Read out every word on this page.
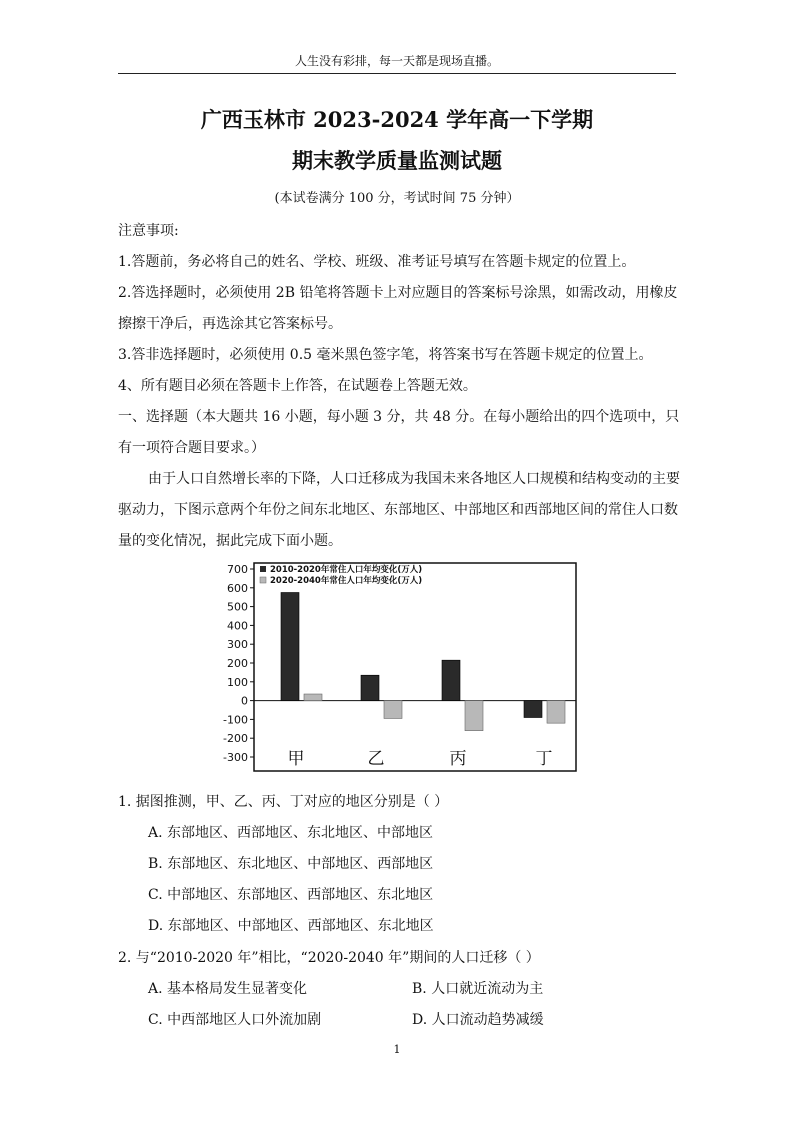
人生没有彩排，每一天都是现场直播。
广西玉林市 2023-2024 学年高一下学期
期末教学质量监测试题
(本试卷满分 100 分，考试时间 75 分钟）
注意事项:
1.答题前，务必将自己的姓名、学校、班级、准考证号填写在答题卡规定的位置上。
2.答选择题时，必须使用 2B 铅笔将答题卡上对应题目的答案标号涂黑，如需改动，用橡皮
擦擦干净后，再选涂其它答案标号。
3.答非选择题时，必须使用 0.5 毫米黑色签字笔，将答案书写在答题卡规定的位置上。
4、所有题目必须在答题卡上作答，在试题卷上答题无效。
一、选择题（本大题共 16 小题，每小题 3 分，共 48 分。在每小题给出的四个选项中，只
有一项符合题目要求。）
由于人口自然增长率的下降，人口迁移成为我国未来各地区人口规模和结构变动的主要
驱动力，下图示意两个年份之间东北地区、东部地区、中部地区和西部地区间的常住人口数
量的变化情况，据此完成下面小题。
700
600
500
400
300
200
100
0
-100
-200
-300 甲	乙	丙	丁
2010-2020年常住人口年均变化(万人)
2020-2040年常住人口年均变化(万人)
1. 据图推测，甲、乙、丙、丁对应的地区分别是（ ）
A. 东部地区、西部地区、东北地区、中部地区
B. 东部地区、东北地区、中部地区、西部地区
C. 中部地区、东部地区、西部地区、东北地区
D. 东部地区、中部地区、西部地区、东北地区
2. 与“2010-2020 年”相比，“2020-2040 年”期间的人口迁移（ ）
A. 基本格局发生显著变化	B. 人口就近流动为主
C. 中西部地区人口外流加剧	D. 人口流动趋势减缓
1
